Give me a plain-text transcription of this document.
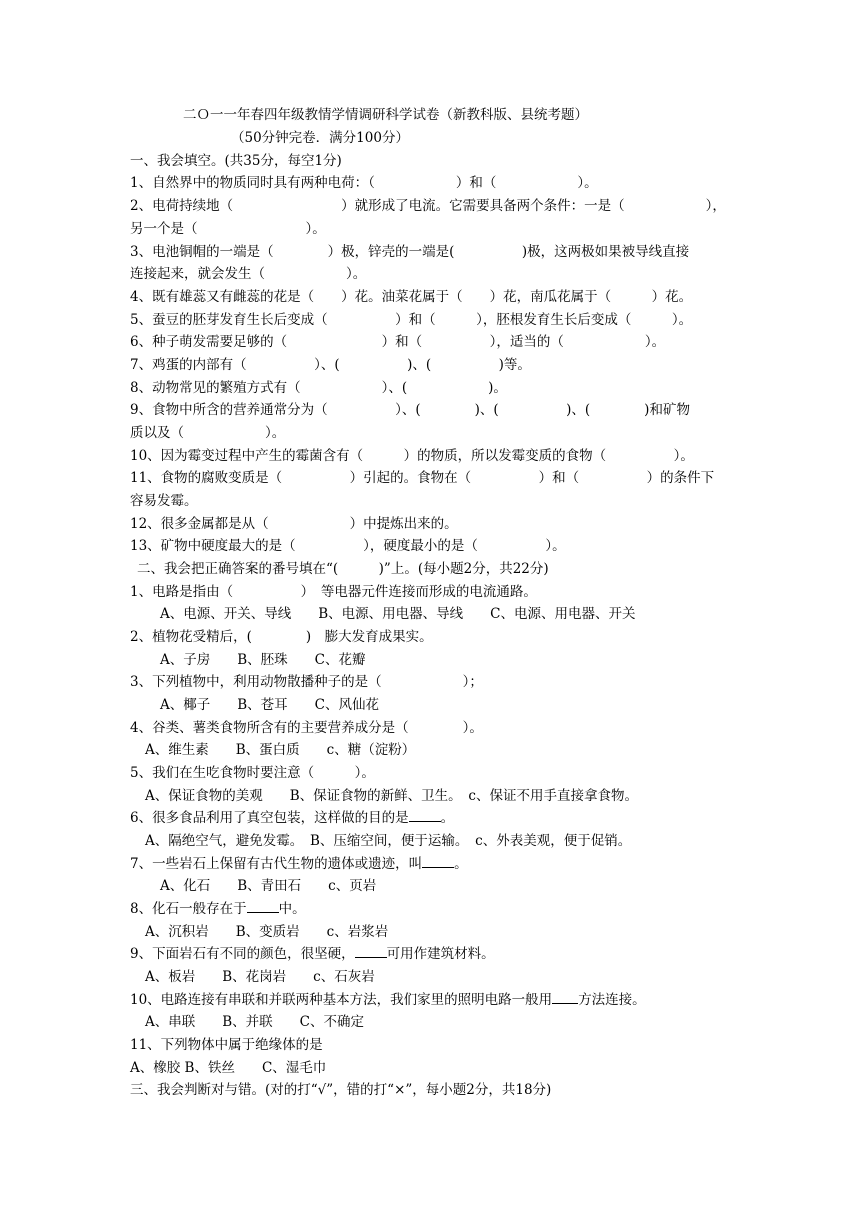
二Ｏ一一年春四年级教情学情调研科学试卷（新教科版、县统考题）
（50分钟完卷．满分100分）
一、我会填空。(共35分，每空1分)
1、自然界中的物质同时具有两种电荷：（　　　　　　）和（　　　　　　）。
2、电荷持续地（　　　　　　　　）就形成了电流。它需要具备两个条件：一是（　　　　　　），
另一个是（　　　　　　　　）。
3、电池铜帽的一端是（　　　　）极，锌壳的一端是(　　　　　)极，这两极如果被导线直接
连接起来，就会发生（　　　　　　）。
4、既有雄蕊又有雌蕊的花是（　　）花。油菜花属于（　　）花，南瓜花属于（　　　）花。
5、蚕豆的胚芽发育生长后变成（　　　　　）和（　　　），胚根发育生长后变成（　　　）。
6、种子萌发需要足够的（　　　　　　　）和（　　　　　），适当的（　　　　　　）。
7、鸡蛋的内部有（　　　　　）、(　　　　　)、(　　　　　)等。
8、动物常见的繁殖方式有（　　　　　　）、(　　　　　　)。
9、食物中所含的营养通常分为（　　　　　）、(　　　　)、(　　　　　)、(　　　　)和矿物
质以及（　　　　　　）。
10、因为霉变过程中产生的霉菌含有（　　　）的物质，所以发霉变质的食物（　　　　　）。
11、食物的腐败变质是（　　　　　）引起的。食物在（　　　　　）和（　　　　　）的条件下
容易发霉。
12、很多金属都是从（　　　　　　）中提炼出来的。
13、矿物中硬度最大的是（　　　　　），硬度最小的是（　　　　　）。
二、我会把正确答案的番号填在“(　　　)”上。(每小题2分，共22分)
1、电路是指由（　　　　　）　等电器元件连接而形成的电流通路。
A、电源、开关、导线　　B、电源、用电器、导线　　C、电源、用电器、开关
2、植物花受精后，(　　　　)　膨大发育成果实。
A、子房　　B、胚珠　　C、花瓣
3、下列植物中，利用动物散播种子的是（　　　　　　）；
A、椰子　　B、苍耳　　C、风仙花
4、谷类、薯类食物所含有的主要营养成分是（　　　　）。
A、维生素　　B、蛋白质　　c、糖（淀粉）
5、我们在生吃食物时要注意（　　　）。
A、保证食物的美观　　B、保证食物的新鲜、卫生。　c、保证不用手直接拿食物。
6、很多食品利用了真空包装，这样做的目的是 。
A、隔绝空气，避免发霉。　B、压缩空间，便于运输。　c、外表美观，便于促销。
7、一些岩石上保留有古代生物的遗体或遗迹，叫 。
A、化石　　B、青田石　　c、页岩
8、化石一般存在于 中。
A、沉积岩　　B、变质岩　　c、岩浆岩
9、下面岩石有不同的颜色，很坚硬， 可用作建筑材料。
A、板岩　　B、花岗岩　　c、石灰岩
10、电路连接有串联和并联两种基本方法，我们家里的照明电路一般用 方法连接。
A、串联　　B、并联　　C、不确定
11、下列物体中属于绝缘体的是
A、橡胶 B、铁丝　　C、湿毛巾
三、我会判断对与错。(对的打“√”，错的打“×”，每小题2分，共18分)
